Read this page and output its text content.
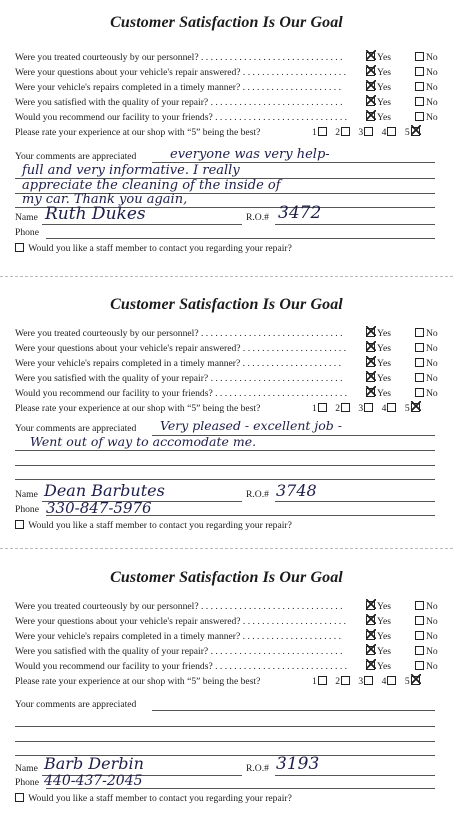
Customer Satisfaction Is Our Goal
Were you treated courteously by our personnel? . . . . . . . . . . . . . . . . . . . . . . . . . . . . . .	Yes	No
Were your questions about your vehicle's repair answered? . . . . . . . . . . . . . . . . . . . . . .	Yes	No
Were your vehicle's repairs completed in a timely manner? . . . . . . . . . . . . . . . . . . . . .	Yes	No
Were you satisfied with the quality of your repair? . . . . . . . . . . . . . . . . . . . . . . . . . . . .	Yes	No
Would you recommend our facility to your friends? . . . . . . . . . . . . . . . . . . . . . . . . . . . .	Yes	No
Please rate your experience at our shop with “5” being the best?	1 2 3 4 5
Your comments are appreciated	everyone was very help-
full and very informative. I really
appreciate the cleaning of the inside of
my car. Thank you again,
Name Ruth Dukes	R.O.# 3472
Phone
Would you like a staff member to contact you regarding your repair?
Customer Satisfaction Is Our Goal
Were you treated courteously by our personnel? . . . . . . . . . . . . . . . . . . . . . . . . . . . . . .	Yes	No
Were your questions about your vehicle's repair answered? . . . . . . . . . . . . . . . . . . . . . .	Yes	No
Were your vehicle's repairs completed in a timely manner? . . . . . . . . . . . . . . . . . . . . .	Yes	No
Were you satisfied with the quality of your repair? . . . . . . . . . . . . . . . . . . . . . . . . . . . .	Yes	No
Would you recommend our facility to your friends? . . . . . . . . . . . . . . . . . . . . . . . . . . . .	Yes	No
Please rate your experience at our shop with “5” being the best?	1 2 3 4 5
Your comments are appreciated Very pleased - excellent job -
Went out of way to accomodate me.
Name Dean Barbutes	R.O.# 3748
Phone 330-847-5976
Would you like a staff member to contact you regarding your repair?
Customer Satisfaction Is Our Goal
Were you treated courteously by our personnel? . . . . . . . . . . . . . . . . . . . . . . . . . . . . . .	Yes	No
Were your questions about your vehicle's repair answered? . . . . . . . . . . . . . . . . . . . . . .	Yes	No
Were your vehicle's repairs completed in a timely manner? . . . . . . . . . . . . . . . . . . . . .	Yes	No
Were you satisfied with the quality of your repair? . . . . . . . . . . . . . . . . . . . . . . . . . . . .	Yes	No
Would you recommend our facility to your friends? . . . . . . . . . . . . . . . . . . . . . . . . . . . .	Yes	No
Please rate your experience at our shop with “5” being the best?	1 2 3 4 5
Your comments are appreciated
Name Barb Derbin	R.O.# 3193
Phone 440-437-2045
Would you like a staff member to contact you regarding your repair?
